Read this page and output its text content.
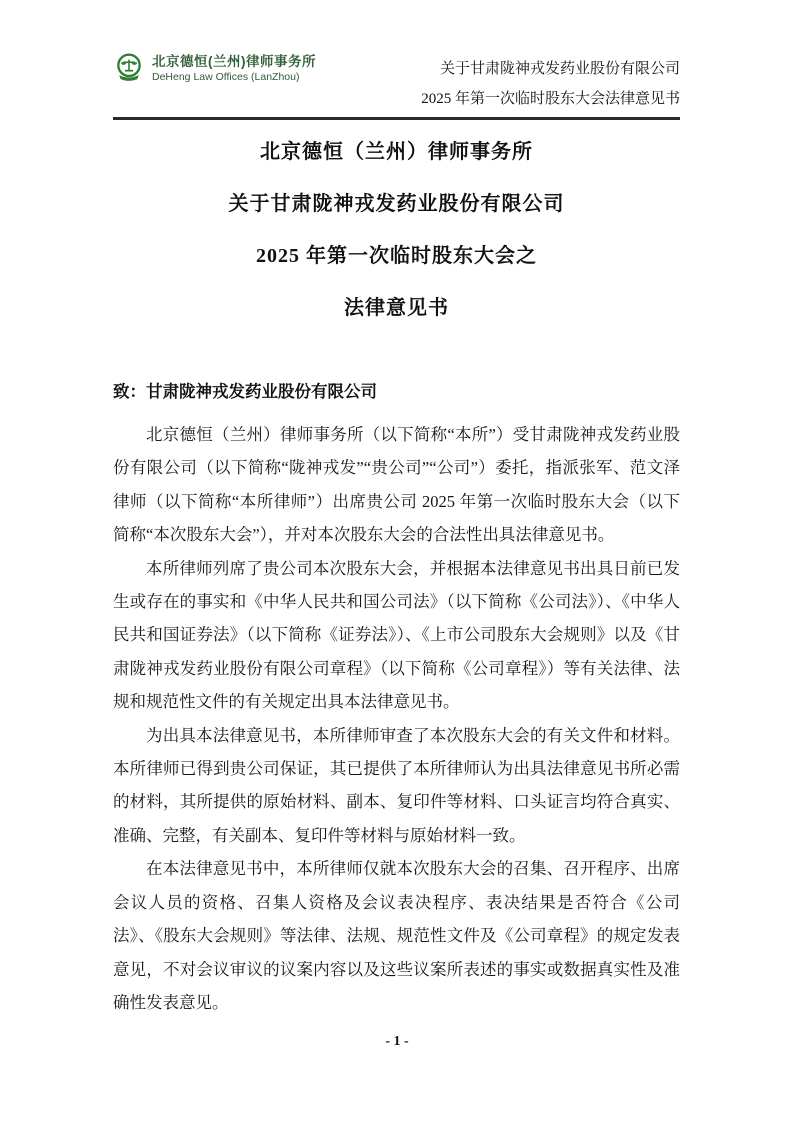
北京德恒(兰州)律师事务所
DeHeng Law Offices (LanZhou)	关于甘肃陇神戎发药业股份有限公司
2025 年第一次临时股东大会法律意见书
北京德恒（兰州）律师事务所
关于甘肃陇神戎发药业股份有限公司
2025 年第一次临时股东大会之
法律意见书
致：甘肃陇神戎发药业股份有限公司

北京德恒（兰州）律师事务所（以下简称“本所”）受甘肃陇神戎发药业股份有限公司（以下简称“陇神戎发”“贵公司”“公司”）委托，指派张军、范文泽律师（以下简称“本所律师”）出席贵公司 2025 年第一次临时股东大会（以下简称“本次股东大会”），并对本次股东大会的合法性出具法律意见书。

本所律师列席了贵公司本次股东大会，并根据本法律意见书出具日前已发生或存在的事实和《中华人民共和国公司法》（以下简称《公司法》）、《中华人民共和国证券法》（以下简称《证券法》）、《上市公司股东大会规则》以及《甘肃陇神戎发药业股份有限公司章程》（以下简称《公司章程》）等有关法律、法规和规范性文件的有关规定出具本法律意见书。

为出具本法律意见书，本所律师审查了本次股东大会的有关文件和材料。本所律师已得到贵公司保证，其已提供了本所律师认为出具法律意见书所必需的材料，其所提供的原始材料、副本、复印件等材料、口头证言均符合真实、准确、完整，有关副本、复印件等材料与原始材料一致。

在本法律意见书中，本所律师仅就本次股东大会的召集、召开程序、出席会议人员的资格、召集人资格及会议表决程序、表决结果是否符合《公司法》、《股东大会规则》等法律、法规、规范性文件及《公司章程》的规定发表意见，不对会议审议的议案内容以及这些议案所表述的事实或数据真实性及准确性发表意见。

- 1 -
